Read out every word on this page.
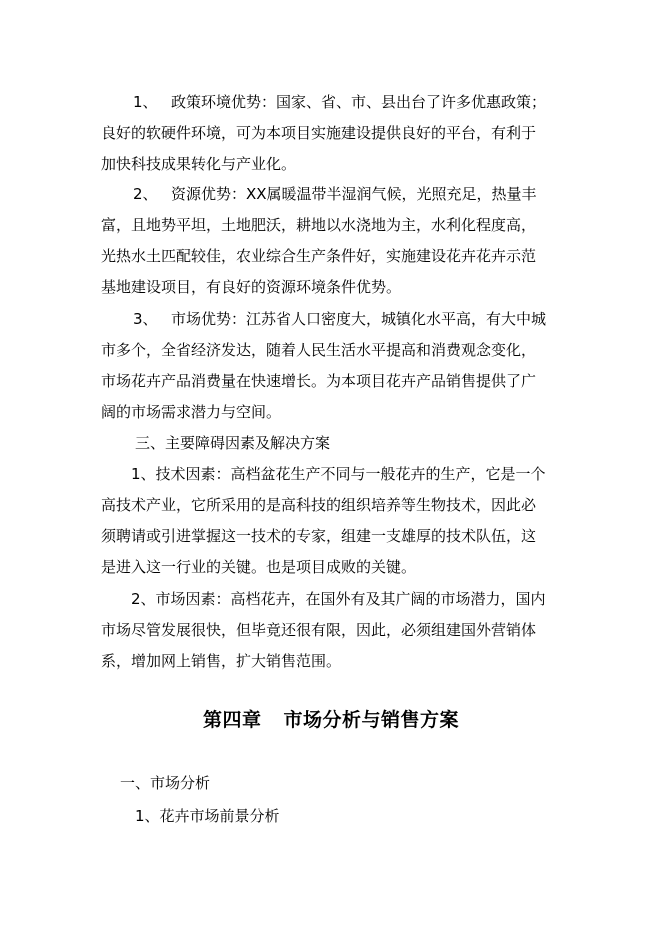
1、 政策环境优势：国家、省、市、县出台了许多优惠政策；
良好的软硬件环境，可为本项目实施建设提供良好的平台，有利于
加快科技成果转化与产业化。
2、 资源优势：XX属暖温带半湿润气候，光照充足，热量丰
富，且地势平坦，土地肥沃，耕地以水浇地为主，水利化程度高，
光热水土匹配较佳，农业综合生产条件好，实施建设花卉花卉示范
基地建设项目，有良好的资源环境条件优势。
3、 市场优势：江苏省人口密度大，城镇化水平高，有大中城
市多个，全省经济发达，随着人民生活水平提高和消费观念变化，
市场花卉产品消费量在快速增长。为本项目花卉产品销售提供了广
阔的市场需求潜力与空间。
三、主要障碍因素及解决方案
1、技术因素：高档盆花生产不同与一般花卉的生产，它是一个
高技术产业，它所采用的是高科技的组织培养等生物技术，因此必
须聘请或引进掌握这一技术的专家，组建一支雄厚的技术队伍，这
是进入这一行业的关键。也是项目成败的关键。
2、市场因素：高档花卉，在国外有及其广阔的市场潜力，国内
市场尽管发展很快，但毕竟还很有限，因此，必须组建国外营销体
系，增加网上销售，扩大销售范围。
第四章 市场分析与销售方案
一、市场分析
1、花卉市场前景分析
